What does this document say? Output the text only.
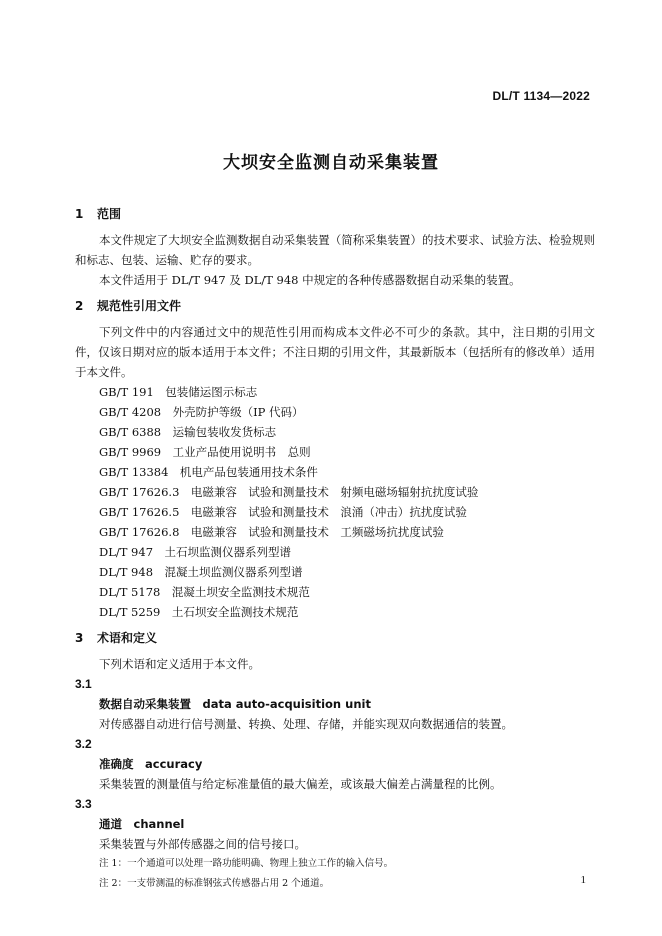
DL/T 1134—2022
大坝安全监测自动采集装置
1 范围
本文件规定了大坝安全监测数据自动采集装置（简称采集装置）的技术要求、试验方法、检验规则和标志、包装、运输、贮存的要求。
本文件适用于 DL/T 947 及 DL/T 948 中规定的各种传感器数据自动采集的装置。
2 规范性引用文件
下列文件中的内容通过文中的规范性引用而构成本文件必不可少的条款。其中，注日期的引用文件，仅该日期对应的版本适用于本文件；不注日期的引用文件，其最新版本（包括所有的修改单）适用于本文件。
GB/T 191　 包装储运图示标志
GB/T 4208　 外壳防护等级（IP 代码）
GB/T 6388　 运输包装收发货标志
GB/T 9969　 工业产品使用说明书　总则
GB/T 13384　 机电产品包装通用技术条件
GB/T 17626.3　 电磁兼容　试验和测量技术　射频电磁场辐射抗扰度试验
GB/T 17626.5　 电磁兼容　试验和测量技术　浪涌（冲击）抗扰度试验
GB/T 17626.8　 电磁兼容　试验和测量技术　工频磁场抗扰度试验
DL/T 947　 土石坝监测仪器系列型谱
DL/T 948　 混凝土坝监测仪器系列型谱
DL/T 5178　 混凝土坝安全监测技术规范
DL/T 5259　 土石坝安全监测技术规范
3 术语和定义
下列术语和定义适用于本文件。
3.1
数据自动采集装置　data auto-acquisition unit
对传感器自动进行信号测量、转换、处理、存储，并能实现双向数据通信的装置。
3.2
准确度　accuracy
采集装置的测量值与给定标准量值的最大偏差，或该最大偏差占满量程的比例。
3.3
通道　channel
采集装置与外部传感器之间的信号接口。
注 1：一个通道可以处理一路功能明确、物理上独立工作的输入信号。
注 2：一支带测温的标准钢弦式传感器占用 2 个通道。	1
